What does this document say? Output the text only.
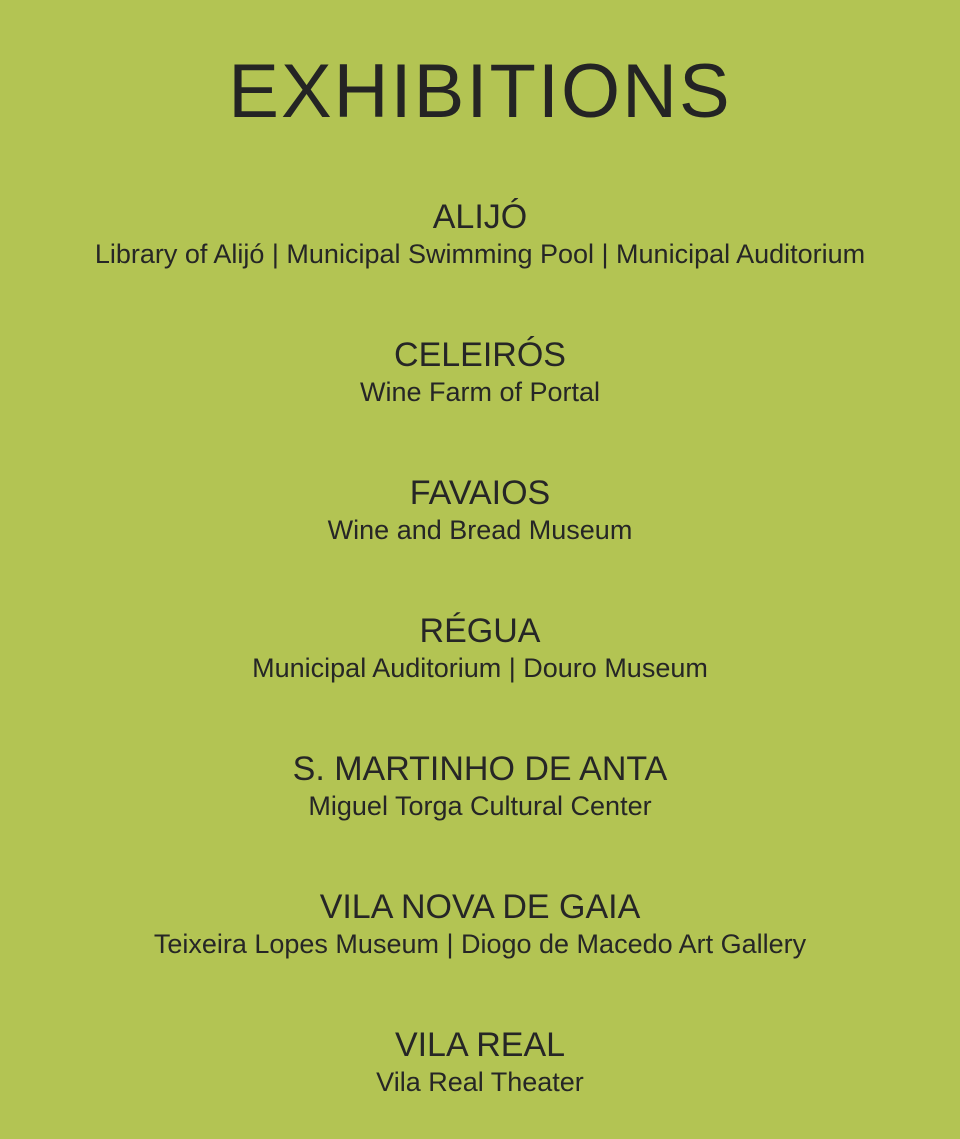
EXHIBITIONS
ALIJÓ

Library of Alijó | Municipal Swimming Pool | Municipal Auditorium

CELEIRÓS

Wine Farm of Portal

FAVAIOS

Wine and Bread Museum

RÉGUA

Municipal Auditorium | Douro Museum

S. MARTINHO DE ANTA

Miguel Torga Cultural Center

VILA NOVA DE GAIA

Teixeira Lopes Museum | Diogo de Macedo Art Gallery

VILA REAL

Vila Real Theater
